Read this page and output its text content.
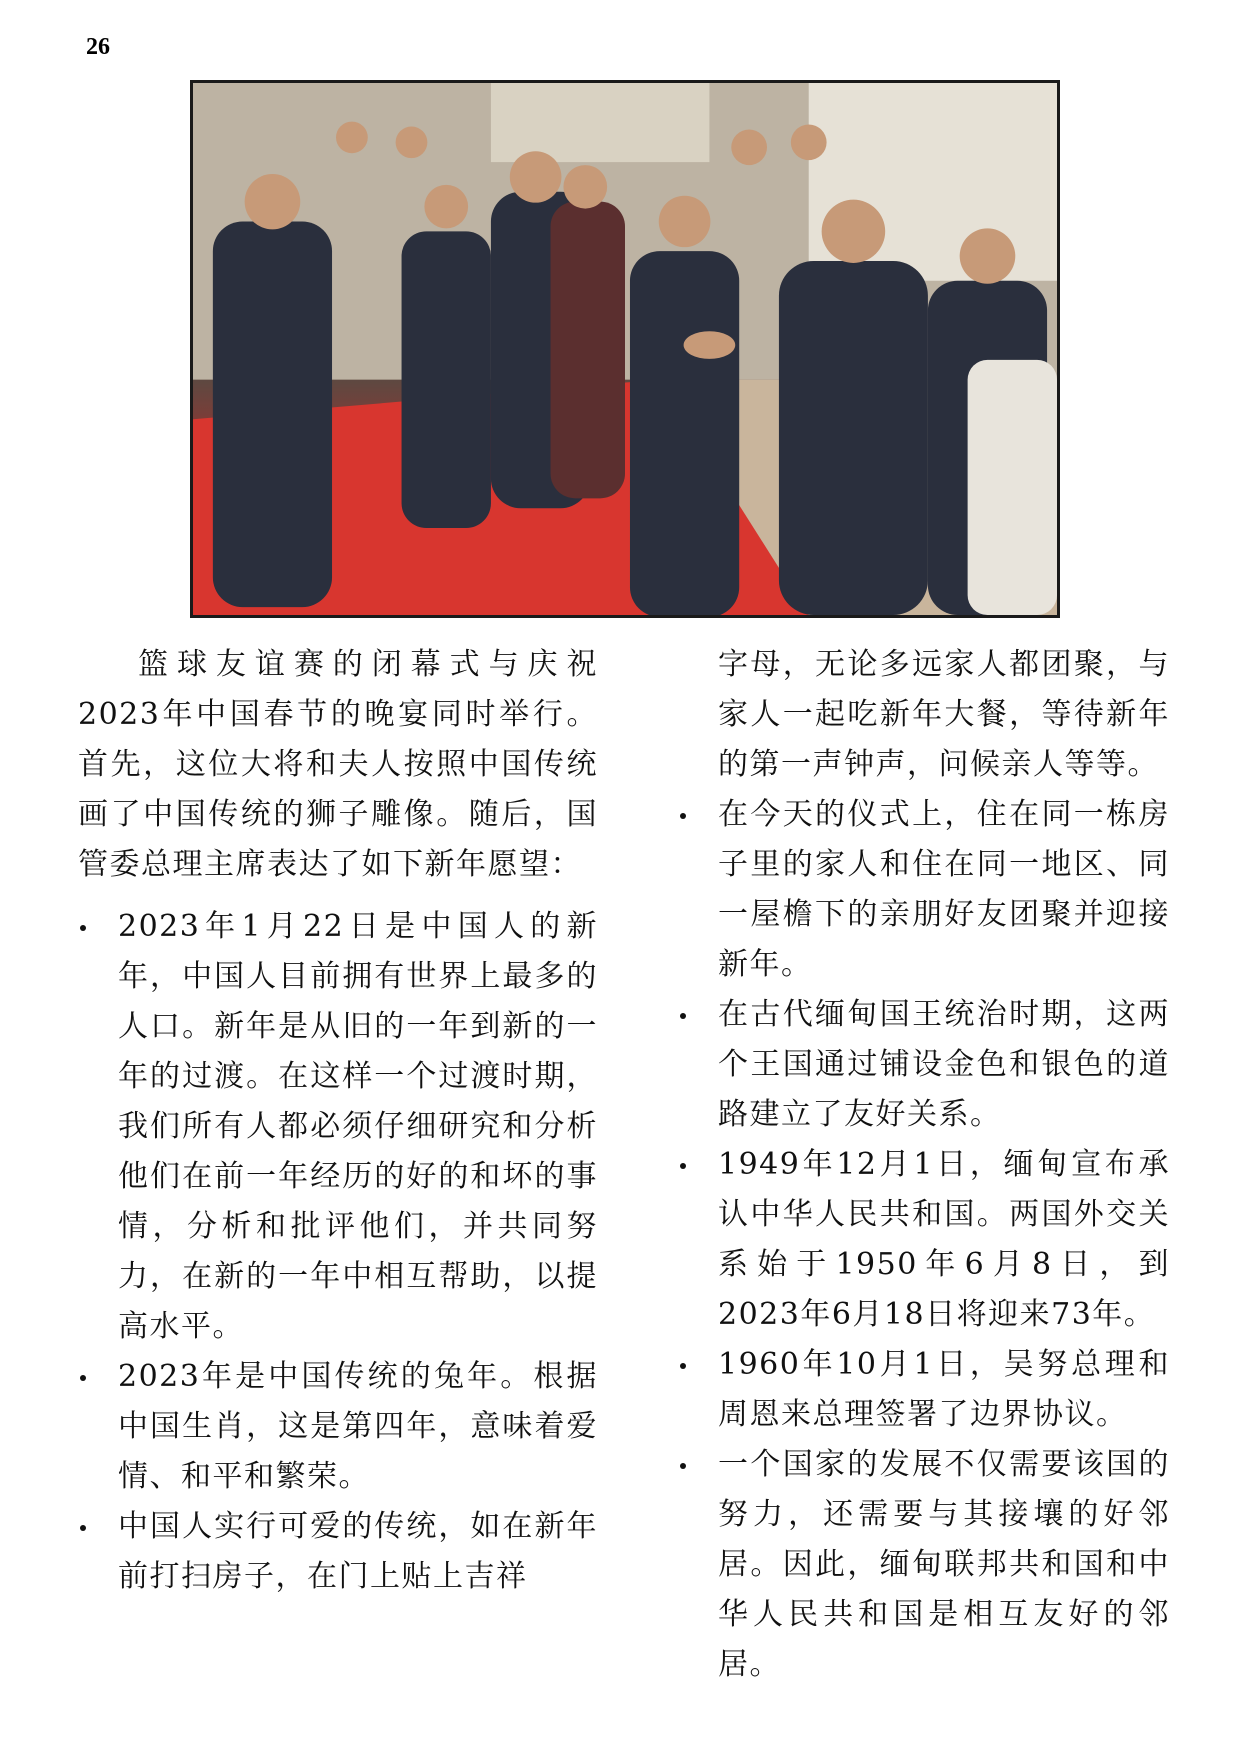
26

篮球友谊赛的闭幕式与庆祝2023年中国春节的晚宴同时举行。首先，这位大将和夫人按照中国传统画了中国传统的狮子雕像。随后，国管委总理主席表达了如下新年愿望：

2023年1月22日是中国人的新年，中国人目前拥有世界上最多的人口。新年是从旧的一年到新的一年的过渡。在这样一个过渡时期，我们所有人都必须仔细研究和分析他们在前一年经历的好的和坏的事情，分析和批评他们，并共同努力，在新的一年中相互帮助，以提高水平。
2023年是中国传统的兔年。根据中国生肖，这是第四年，意味着爱情、和平和繁荣。
中国人实行可爱的传统，如在新年前打扫房子，在门上贴上吉祥
字母，无论多远家人都团聚，与家人一起吃新年大餐，等待新年的第一声钟声，问候亲人等等。
在今天的仪式上，住在同一栋房子里的家人和住在同一地区、同一屋檐下的亲朋好友团聚并迎接新年。
在古代缅甸国王统治时期，这两个王国通过铺设金色和银色的道路建立了友好关系。
1949年12月1日，缅甸宣布承认中华人民共和国。两国外交关系始于1950年6月8日，到2023年6月18日将迎来73年。
1960年10月1日，吴努总理和周恩来总理签署了边界协议。
一个国家的发展不仅需要该国的努力，还需要与其接壤的好邻居。因此，缅甸联邦共和国和中华人民共和国是相互友好的邻居。
